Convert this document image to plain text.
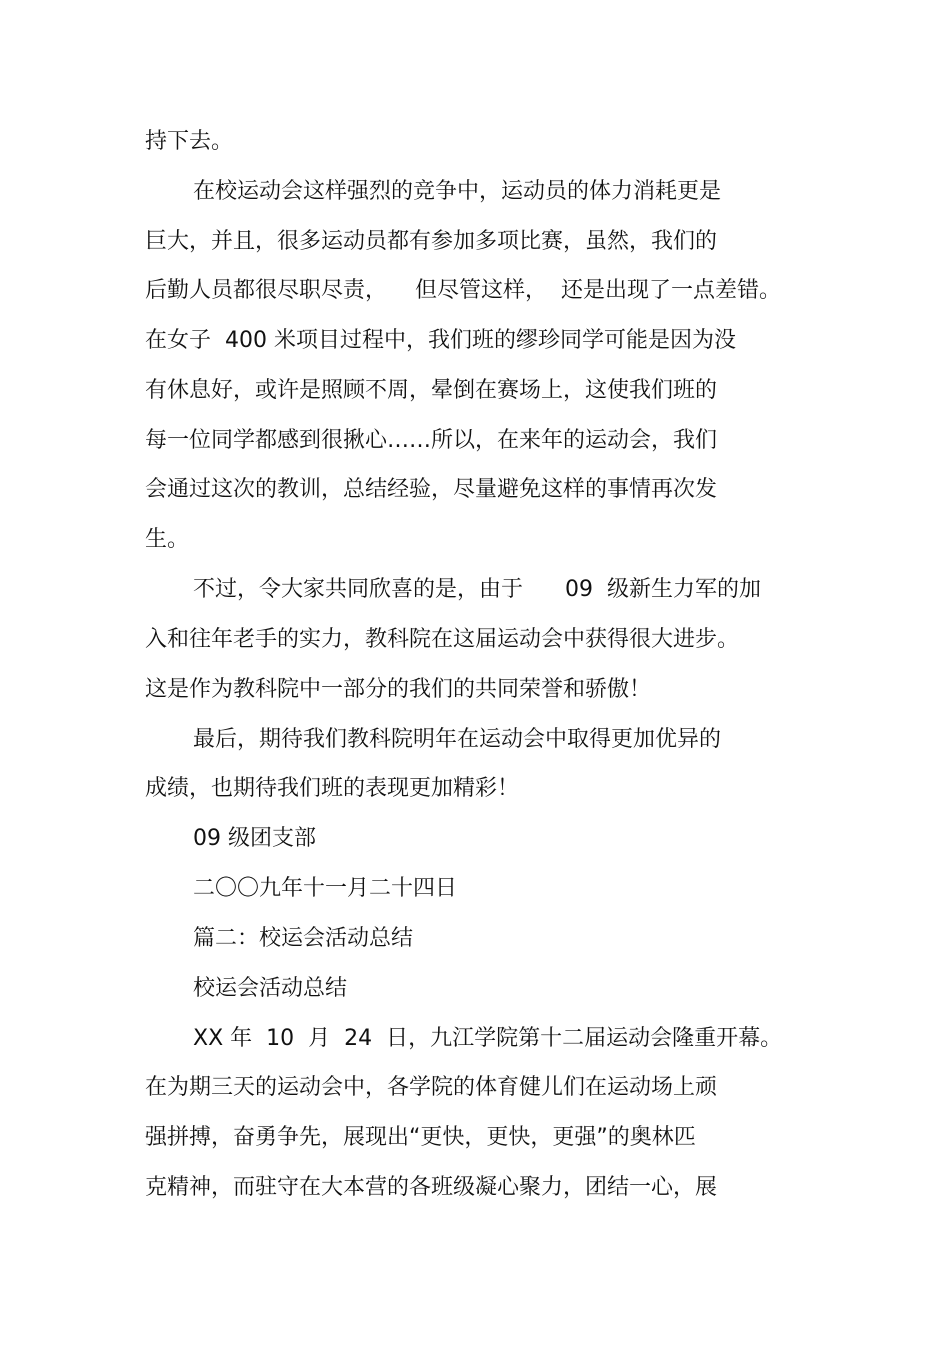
持下去。

在校运动会这样强烈的竞争中，运动员的体力消耗更是

巨大，并且，很多运动员都有参加多项比赛，虽然，我们的

后勤人员都很尽职尽责，    但尽管这样，  还是出现了一点差错。

在女子  400 米项目过程中，我们班的缪珍同学可能是因为没

有休息好，或许是照顾不周，晕倒在赛场上，这使我们班的

每一位同学都感到很揪心……所以，在来年的运动会，我们

会通过这次的教训，总结经验，尽量避免这样的事情再次发

生。

不过，令大家共同欣喜的是，由于      09  级新生力军的加

入和往年老手的实力，教科院在这届运动会中获得很大进步。

这是作为教科院中一部分的我们的共同荣誉和骄傲！

最后，期待我们教科院明年在运动会中取得更加优异的

成绩，也期待我们班的表现更加精彩！

09 级团支部

二〇〇九年十一月二十四日

篇二：校运会活动总结

校运会活动总结

XX 年  10  月  24  日，九江学院第十二届运动会隆重开幕。

在为期三天的运动会中，各学院的体育健儿们在运动场上顽

强拼搏，奋勇争先，展现出“更快，更快，更强”的奥林匹

克精神，而驻守在大本营的各班级凝心聚力，团结一心，展
